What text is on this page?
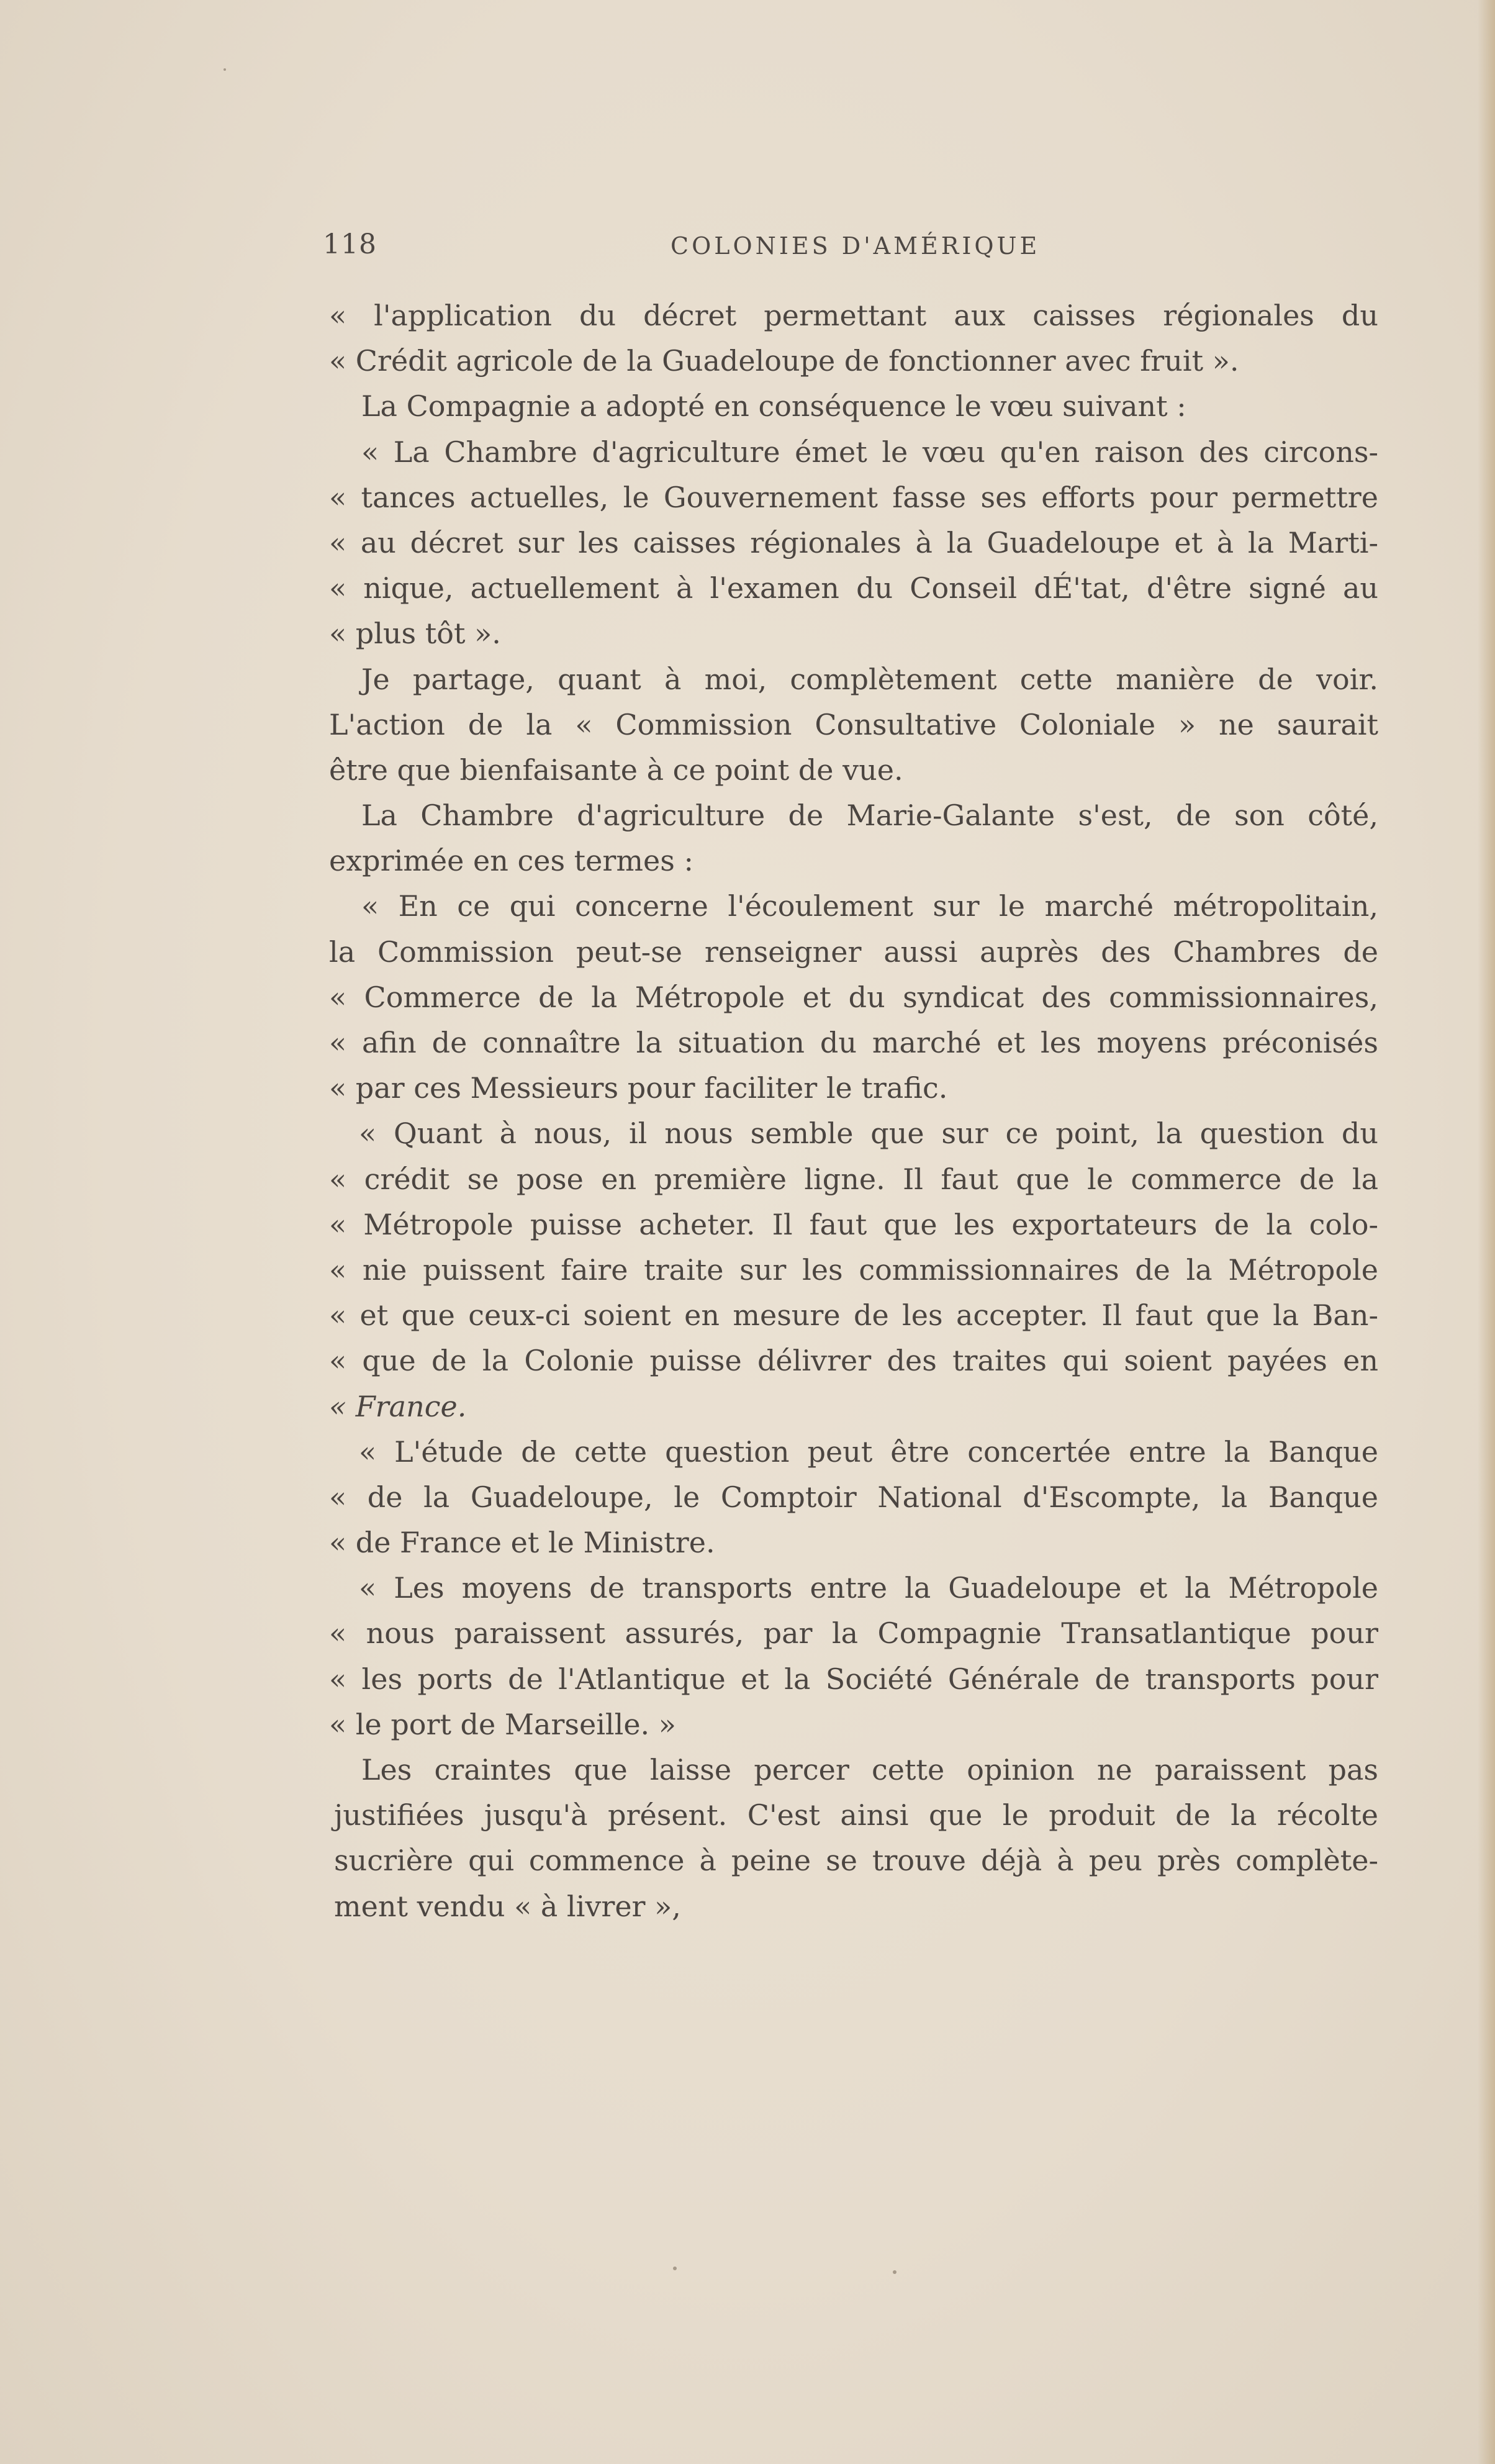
118	COLONIES D'AMÉRIQUE
« l'application du décret permettant aux caisses régionales du
« Crédit agricole de la Guadeloupe de fonctionner avec fruit ».
La Compagnie a adopté en conséquence le vœu suivant :
« La Chambre d'agriculture émet le vœu qu'en raison des circons-
« tances actuelles, le Gouvernement fasse ses efforts pour permettre
« au décret sur les caisses régionales à la Guadeloupe et à la Marti-
« nique, actuellement à l'examen du Conseil dÉ'tat, d'être signé au
« plus tôt ».
Je partage, quant à moi, complètement cette manière de voir.
L'action de la « Commission Consultative Coloniale » ne saurait
être que bienfaisante à ce point de vue.
La Chambre d'agriculture de Marie-Galante s'est, de son côté,
exprimée en ces termes :
« En ce qui concerne l'écoulement sur le marché métropolitain,
la Commission peut-se renseigner aussi auprès des Chambres de
« Commerce de la Métropole et du syndicat des commissionnaires,
« afin de connaître la situation du marché et les moyens préconisés
« par ces Messieurs pour faciliter le trafic.
« Quant à nous, il nous semble que sur ce point, la question du
« crédit se pose en première ligne. Il faut que le commerce de la
« Métropole puisse acheter. Il faut que les exportateurs de la colo-
« nie puissent faire traite sur les commissionnaires de la Métropole
« et que ceux-ci soient en mesure de les accepter. Il faut que la Ban-
« que de la Colonie puisse délivrer des traites qui soient payées en
« France.
« L'étude de cette question peut être concertée entre la Banque
« de la Guadeloupe, le Comptoir National d'Escompte, la Banque
« de France et le Ministre.
« Les moyens de transports entre la Guadeloupe et la Métropole
« nous paraissent assurés, par la Compagnie Transatlantique pour
« les ports de l'Atlantique et la Société Générale de transports pour
« le port de Marseille. »
Les craintes que laisse percer cette opinion ne paraissent pas
justifiées jusqu'à présent. C'est ainsi que le produit de la récolte
sucrière qui commence à peine se trouve déjà à peu près complète-
ment vendu « à livrer »,
